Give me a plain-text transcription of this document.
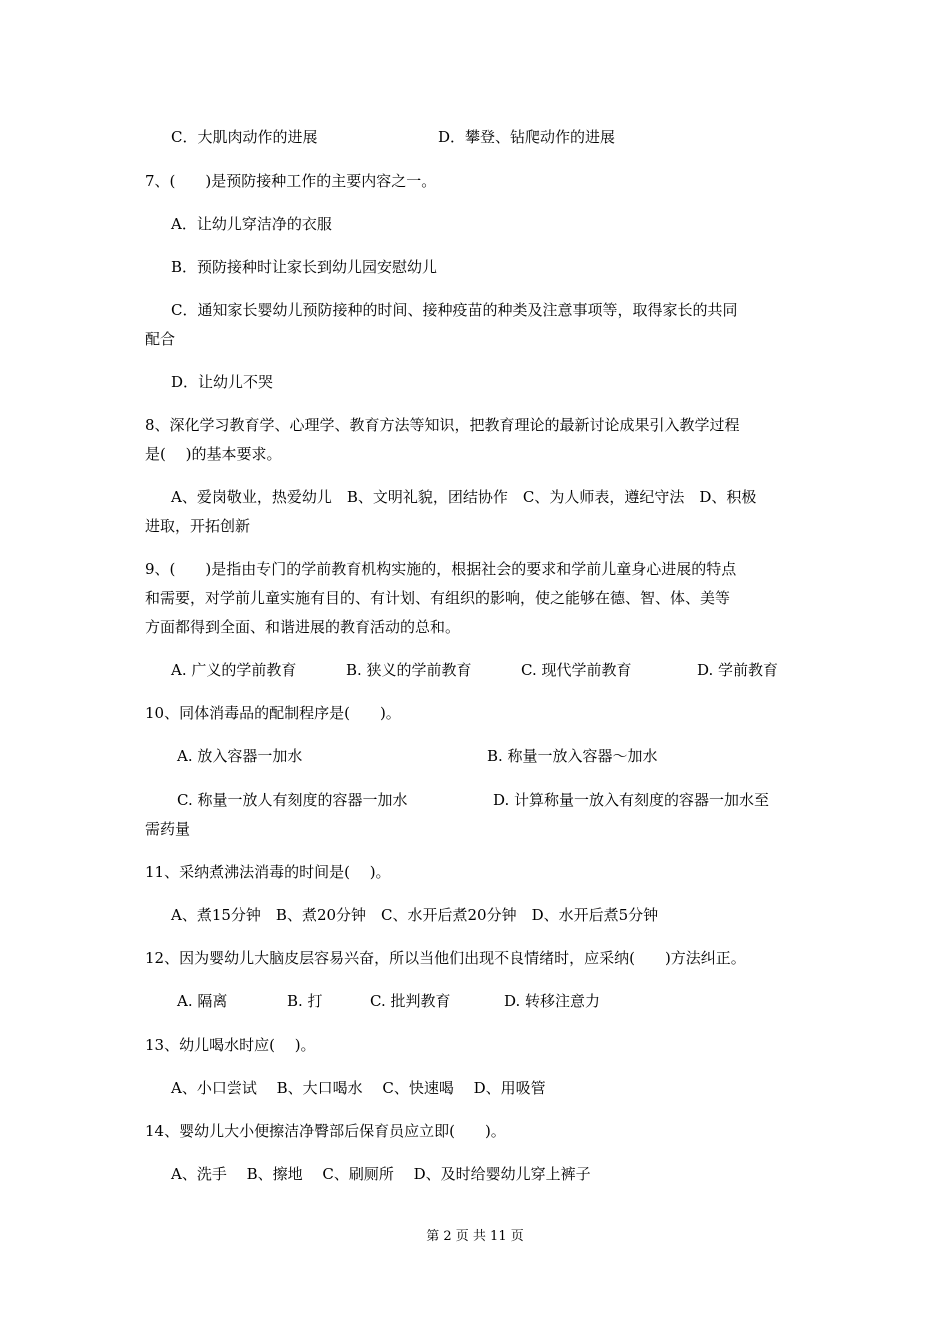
C．大肌肉动作的进展	D．攀登、钻爬动作的进展
7、(　　)是预防接种工作的主要内容之一。
A．让幼儿穿洁净的衣服
B．预防接种时让家长到幼儿园安慰幼儿
C．通知家长婴幼儿预防接种的时间、接种疫苗的种类及注意事项等，取得家长的共同
配合
D．让幼儿不哭
8、深化学习教育学、心理学、教育方法等知识，把教育理论的最新讨论成果引入教学过程
是(　 )的基本要求。
A、爱岗敬业，热爱幼儿　B、文明礼貌，团结协作　C、为人师表，遵纪守法　D、积极
进取，开拓创新
9、(　　)是指由专门的学前教育机构实施的，根据社会的要求和学前儿童身心进展的特点
和需要，对学前儿童实施有目的、有计划、有组织的影响，使之能够在德、智、体、美等
方面都得到全面、和谐进展的教育活动的总和。
A. 广义的学前教育	B. 狭义的学前教育	C. 现代学前教育	D. 学前教育
10、同体消毒品的配制程序是(　　)。
A. 放入容器一加水	B. 称量一放入容器～加水
C. 称量一放人有刻度的容器一加水	D. 计算称量一放入有刻度的容器一加水至
需药量
11、采纳煮沸法消毒的时间是(　 )。
A、煮15分钟　B、煮20分钟　C、水开后煮20分钟　D、水开后煮5分钟
12、因为婴幼儿大脑皮层容易兴奋，所以当他们出现不良情绪时，应采纳(　　)方法纠正。
A. 隔离	B. 打	C. 批判教育	D. 转移注意力
13、幼儿喝水时应(　 )。
A、小口尝试　 B、大口喝水　 C、快速喝　 D、用吸管
14、婴幼儿大小便擦洁净臀部后保育员应立即(　　)。
A、洗手　 B、擦地　 C、刷厕所　 D、及时给婴幼儿穿上裤子
第 2 页 共 11 页
